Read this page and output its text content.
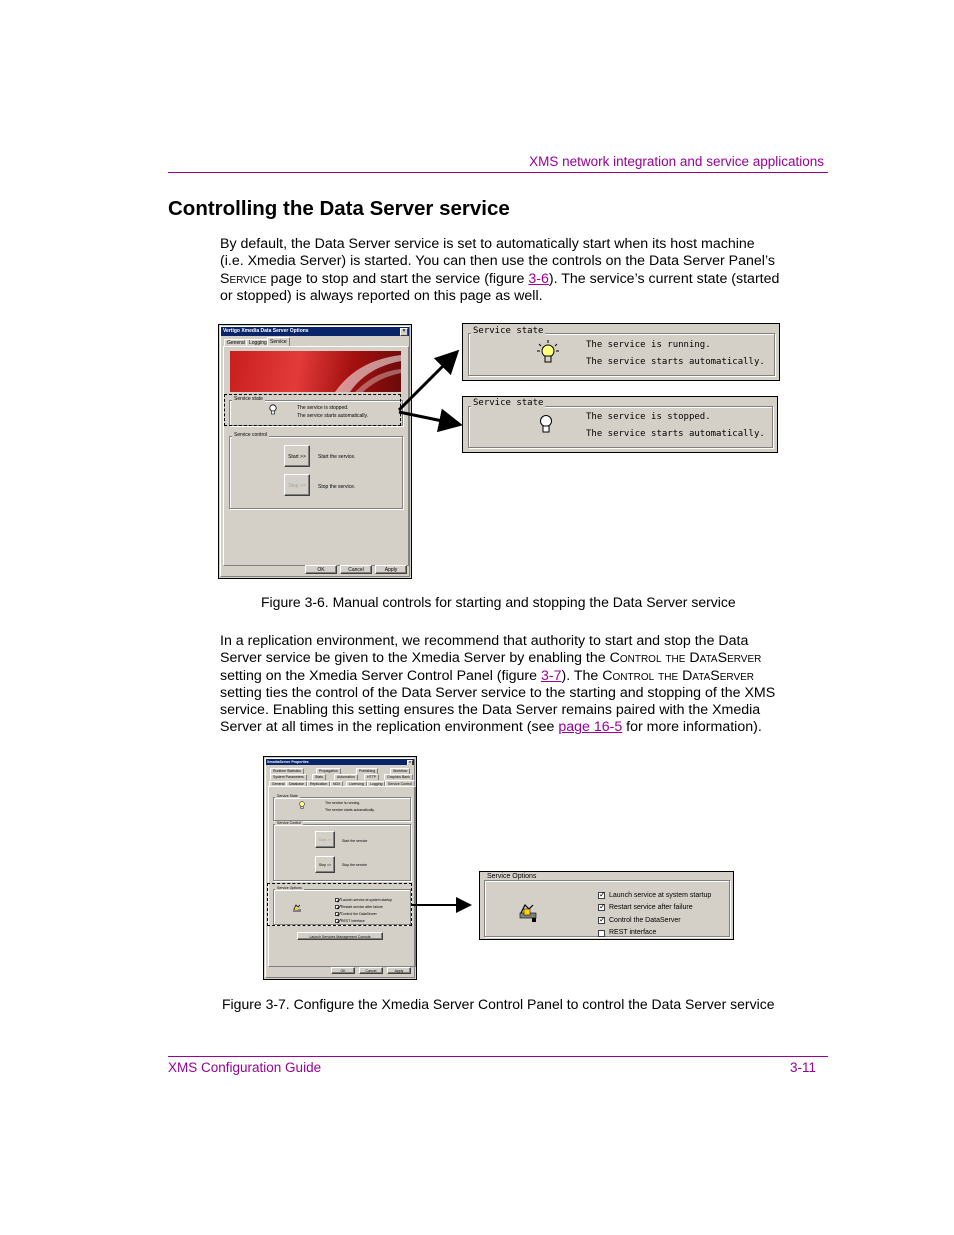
XMS network integration and service applications
Controlling the Data Server service

By default, the Data Server service is set to automatically start when its host machine (i.e. Xmedia Server) is started. You can then use the controls on the Data Server Panel’s Service page to stop and start the service (figure 3-6). The service’s current state (started or stopped) is always reported on this page as well.

Vertigo Xmedia Data Server Options	×
General Logging Service
Service state
The service is stopped.
The service starts automatically.
Service control
Start >>	Start the service.
Stop >>	Stop the service.
OK	Cancel	Apply
Service state
The service is running.
The service starts automatically.
Service state
The service is stopped.
The service starts automatically.
Figure 3-6. Manual controls for starting and stopping the Data Server service

In a replication environment, we recommend that authority to start and stop the Data Server service be given to the Xmedia Server by enabling the Control the DataServer setting on the Xmedia Server Control Panel (figure 3-7). The Control the DataServer setting ties the control of the Data Server service to the starting and stopping of the XMS service. Enabling this setting ensures the Data Server remains paired with the Xmedia Server at all times in the replication environment (see page 16-5 for more information).

XmediaServer Properties	×
Runtime Statistics	Propagation	Publishing	Workflow
System Parameters	Stats	Automation	HTTP	Graphics Bank
General	Database	Replication	NDX	Licensing	Logging	Service Control
Service State
The service is running.
The service starts automatically.
Service Control
Start >>	Start the service
Stop >>	Stop the service
Service Options
✓
Launch service at system startup
✓
Restart service after failure
✓
Control the DataServer
✓
REST interface
Launch Services Management Console
OK	Cancel	Apply
Service Options
✓
Launch service at system startup
✓
Restart service after failure
✓
Control the DataServer
REST interface
Figure 3-7. Configure the Xmedia Server Control Panel to control the Data Server service
XMS Configuration Guide	3-11
